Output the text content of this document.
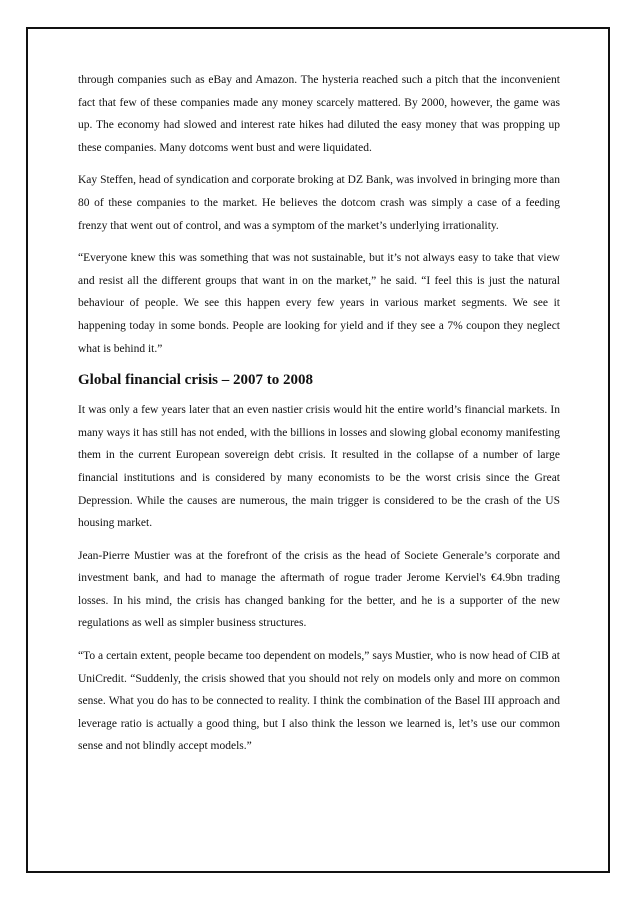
through companies such as eBay and Amazon. The hysteria reached such a pitch that the inconvenient fact that few of these companies made any money scarcely mattered. By 2000, however, the game was up. The economy had slowed and interest rate hikes had diluted the easy money that was propping up these companies. Many dotcoms went bust and were liquidated.

Kay Steffen, head of syndication and corporate broking at DZ Bank, was involved in bringing more than 80 of these companies to the market. He believes the dotcom crash was simply a case of a feeding frenzy that went out of control, and was a symptom of the market’s underlying irrationality.

“Everyone knew this was something that was not sustainable, but it’s not always easy to take that view and resist all the different groups that want in on the market,” he said. “I feel this is just the natural behaviour of people. We see this happen every few years in various market segments. We see it happening today in some bonds. People are looking for yield and if they see a 7% coupon they neglect what is behind it.”

Global financial crisis – 2007 to 2008

It was only a few years later that an even nastier crisis would hit the entire world’s financial markets. In many ways it has still has not ended, with the billions in losses and slowing global economy manifesting them in the current European sovereign debt crisis. It resulted in the collapse of a number of large financial institutions and is considered by many economists to be the worst crisis since the Great Depression. While the causes are numerous, the main trigger is considered to be the crash of the US housing market.

Jean-Pierre Mustier was at the forefront of the crisis as the head of Societe Generale’s corporate and investment bank, and had to manage the aftermath of rogue trader Jerome Kerviel's €4.9bn trading losses. In his mind, the crisis has changed banking for the better, and he is a supporter of the new regulations as well as simpler business structures.

“To a certain extent, people became too dependent on models,” says Mustier, who is now head of CIB at UniCredit. “Suddenly, the crisis showed that you should not rely on models only and more on common sense. What you do has to be connected to reality. I think the combination of the Basel III approach and leverage ratio is actually a good thing, but I also think the lesson we learned is, let’s use our common sense and not blindly accept models.”
